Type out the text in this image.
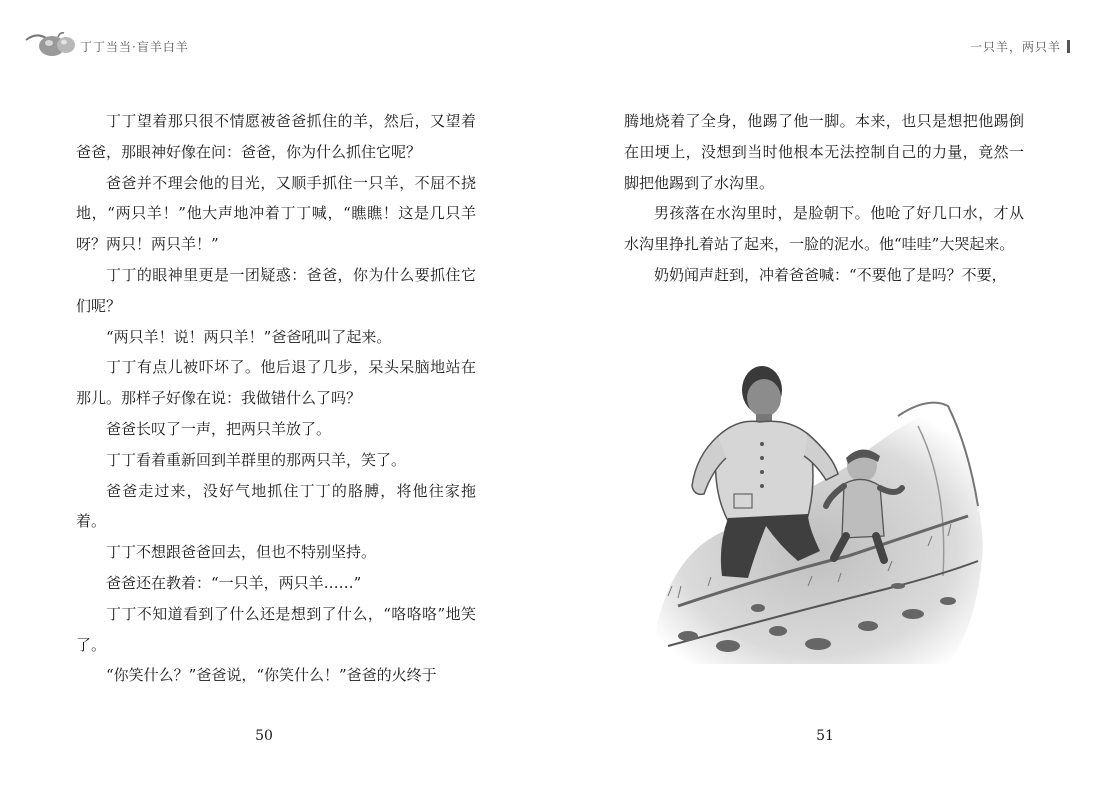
丁丁当当·盲羊白羊	一只羊，两只羊

丁丁望着那只很不情愿被爸爸抓住的羊，然后，又望着爸爸，那眼神好像在问：爸爸，你为什么抓住它呢？

爸爸并不理会他的目光，又顺手抓住一只羊，不屈不挠地，“两只羊！”他大声地冲着丁丁喊，“瞧瞧！这是几只羊呀？两只！两只羊！”

丁丁的眼神里更是一团疑惑：爸爸，你为什么要抓住它们呢？

“两只羊！说！两只羊！”爸爸吼叫了起来。

丁丁有点儿被吓坏了。他后退了几步，呆头呆脑地站在那儿。那样子好像在说：我做错什么了吗？

爸爸长叹了一声，把两只羊放了。

丁丁看着重新回到羊群里的那两只羊，笑了。

爸爸走过来，没好气地抓住丁丁的胳膊，将他往家拖着。

丁丁不想跟爸爸回去，但也不特别坚持。

爸爸还在教着：“一只羊，两只羊……”

丁丁不知道看到了什么还是想到了什么，“咯咯咯”地笑了。

“你笑什么？”爸爸说，“你笑什么！”爸爸的火终于

腾地烧着了全身，他踢了他一脚。本来，也只是想把他踢倒在田埂上，没想到当时他根本无法控制自己的力量，竟然一脚把他踢到了水沟里。

男孩落在水沟里时，是脸朝下。他呛了好几口水，才从水沟里挣扎着站了起来，一脸的泥水。他“哇哇”大哭起来。

奶奶闻声赶到，冲着爸爸喊：“不要他了是吗？不要，

50	51
